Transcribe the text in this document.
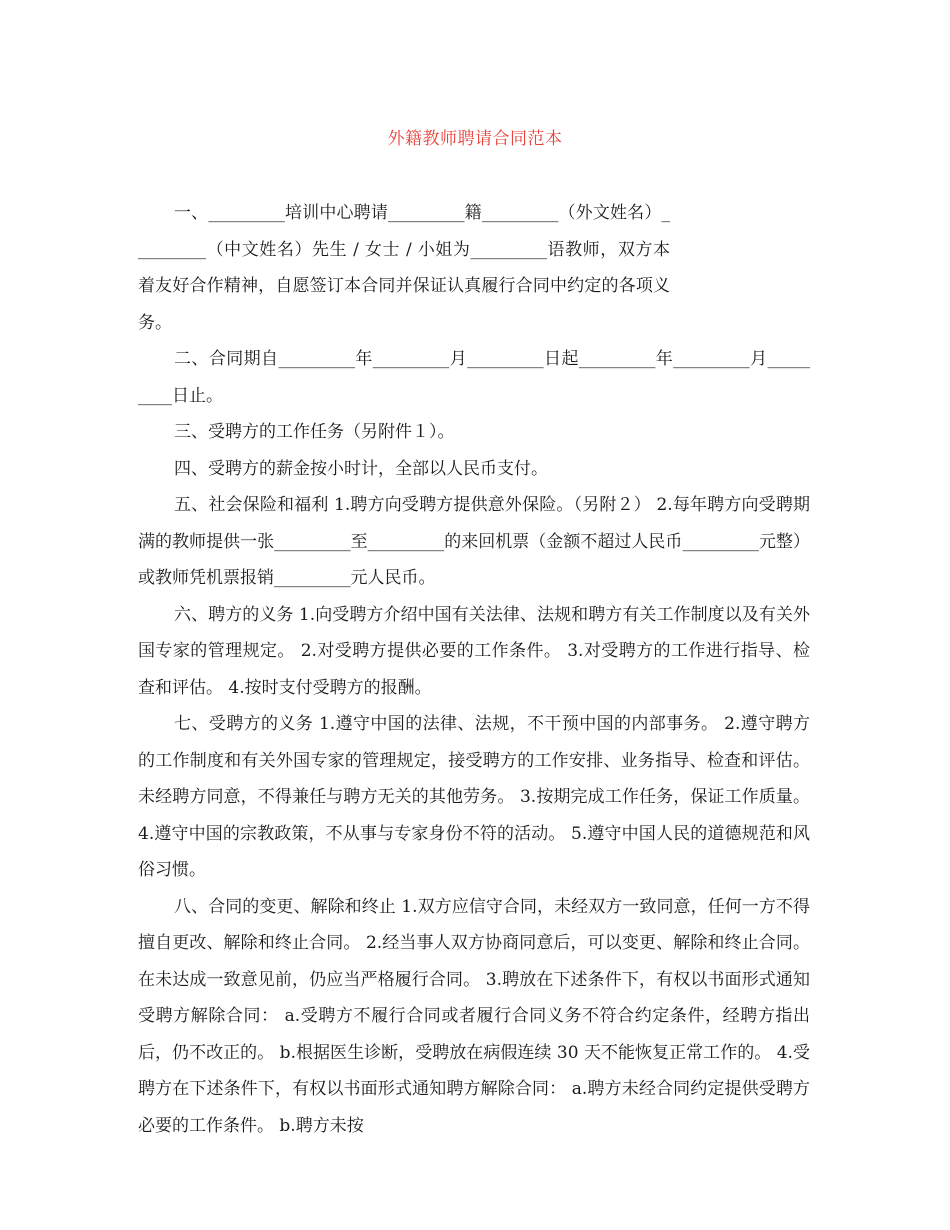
外籍教师聘请合同范本

一、_________培训中心聘请_________籍_________（外文姓名）_________（中文姓名）先生 / 女士 / 小姐为_________语教师，双方本着友好合作精神，自愿签订本合同并保证认真履行合同中约定的各项义务。

二、合同期自_________年_________月_________日起_________年_________月_________日止。

三、受聘方的工作任务（另附件１）。

四、受聘方的薪金按小时计，全部以人民币支付。

五、社会保险和福利 1.聘方向受聘方提供意外保险。（另附２） 2.每年聘方向受聘期满的教师提供一张_________至_________的来回机票（金额不超过人民币_________元整）或教师凭机票报销_________元人民币。

六、聘方的义务 1.向受聘方介绍中国有关法律、法规和聘方有关工作制度以及有关外国专家的管理规定。 2.对受聘方提供必要的工作条件。 3.对受聘方的工作进行指导、检查和评估。 4.按时支付受聘方的报酬。

七、受聘方的义务 1.遵守中国的法律、法规，不干预中国的内部事务。 2.遵守聘方的工作制度和有关外国专家的管理规定，接受聘方的工作安排、业务指导、检查和评估。未经聘方同意，不得兼任与聘方无关的其他劳务。 3.按期完成工作任务，保证工作质量。 4.遵守中国的宗教政策，不从事与专家身份不符的活动。 5.遵守中国人民的道德规范和风俗习惯。

八、合同的变更、解除和终止 1.双方应信守合同，未经双方一致同意，任何一方不得擅自更改、解除和终止合同。 2.经当事人双方协商同意后，可以变更、解除和终止合同。在未达成一致意见前，仍应当严格履行合同。 3.聘放在下述条件下，有权以书面形式通知受聘方解除合同： a.受聘方不履行合同或者履行合同义务不符合约定条件，经聘方指出后，仍不改正的。 b.根据医生诊断，受聘放在病假连续 30 天不能恢复正常工作的。 4.受聘方在下述条件下，有权以书面形式通知聘方解除合同： a.聘方未经合同约定提供受聘方必要的工作条件。 b.聘方未按
